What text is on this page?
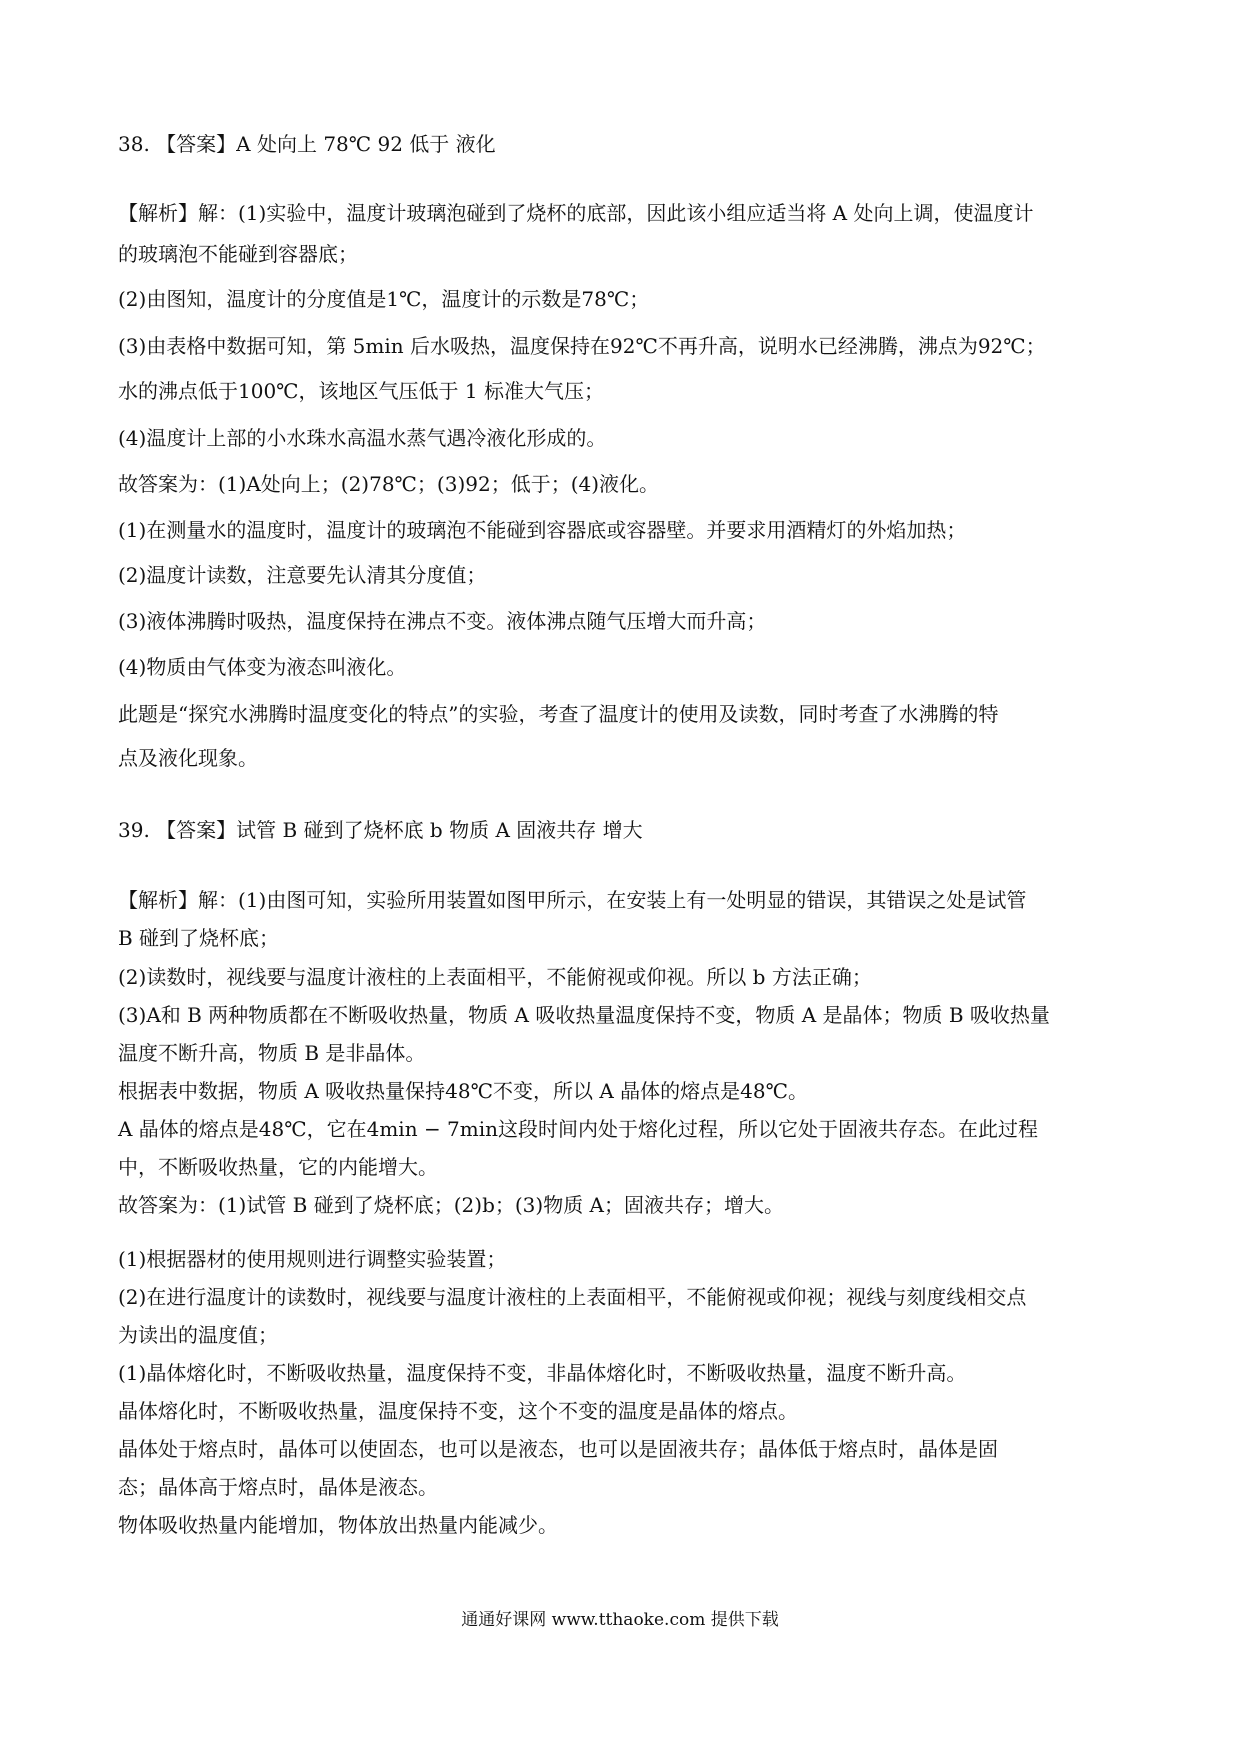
38. 【答案】A 处向上 78℃ 92 低于 液化
【解析】解：(1)实验中，温度计玻璃泡碰到了烧杯的底部，因此该小组应适当将 A 处向上调，使温度计
的玻璃泡不能碰到容器底；
(2)由图知，温度计的分度值是1℃，温度计的示数是78℃；
(3)由表格中数据可知，第 5min 后水吸热，温度保持在92℃不再升高，说明水已经沸腾，沸点为92℃；
水的沸点低于100℃，该地区气压低于 1 标准大气压；
(4)温度计上部的小水珠水高温水蒸气遇冷液化形成的。
故答案为：(1)A处向上；(2)78℃；(3)92；低于；(4)液化。
(1)在测量水的温度时，温度计的玻璃泡不能碰到容器底或容器壁。并要求用酒精灯的外焰加热；
(2)温度计读数，注意要先认清其分度值；
(3)液体沸腾时吸热，温度保持在沸点不变。液体沸点随气压增大而升高；
(4)物质由气体变为液态叫液化。
此题是“探究水沸腾时温度变化的特点”的实验，考查了温度计的使用及读数，同时考查了水沸腾的特
点及液化现象。
39. 【答案】试管 B 碰到了烧杯底 b 物质 A 固液共存 增大
【解析】解：(1)由图可知，实验所用装置如图甲所示，在安装上有一处明显的错误，其错误之处是试管
B 碰到了烧杯底；
(2)读数时，视线要与温度计液柱的上表面相平，不能俯视或仰视。所以 b 方法正确；
(3)A和 B 两种物质都在不断吸收热量，物质 A 吸收热量温度保持不变，物质 A 是晶体；物质 B 吸收热量
温度不断升高，物质 B 是非晶体。
根据表中数据，物质 A 吸收热量保持48℃不变，所以 A 晶体的熔点是48℃。
A 晶体的熔点是48℃，它在4min − 7min这段时间内处于熔化过程，所以它处于固液共存态。在此过程
中，不断吸收热量，它的内能增大。
故答案为：(1)试管 B 碰到了烧杯底；(2)b；(3)物质 A；固液共存；增大。
(1)根据器材的使用规则进行调整实验装置；
(2)在进行温度计的读数时，视线要与温度计液柱的上表面相平，不能俯视或仰视；视线与刻度线相交点
为读出的温度值；
(1)晶体熔化时，不断吸收热量，温度保持不变，非晶体熔化时，不断吸收热量，温度不断升高。
晶体熔化时，不断吸收热量，温度保持不变，这个不变的温度是晶体的熔点。
晶体处于熔点时，晶体可以使固态，也可以是液态，也可以是固液共存；晶体低于熔点时，晶体是固
态；晶体高于熔点时，晶体是液态。
物体吸收热量内能增加，物体放出热量内能减少。
通通好课网 www.tthaoke.com 提供下载
